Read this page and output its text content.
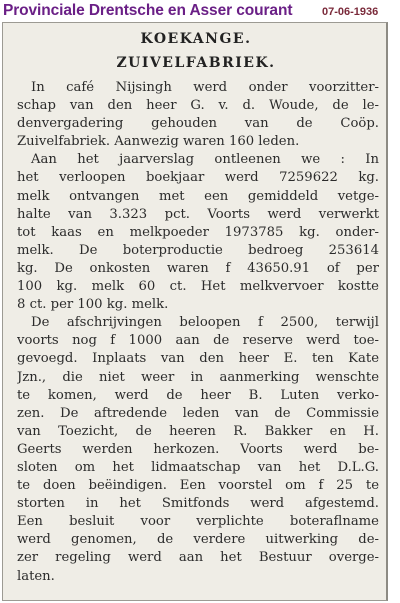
Provinciale Drentsche en Asser courant	07-06-1936
KOEKANGE.
ZUIVELFABRIEK.
In café Nijsingh werd onder voorzitter-
schap van den heer G. v. d. Woude, de le-
denvergadering gehouden van de Coöp.
Zuivelfabriek. Aanwezig waren 160 leden.
Aan het jaarverslag ontleenen we : In
het verloopen boekjaar werd 7259622 kg.
melk ontvangen met een gemiddeld vetge-
halte van 3.323 pct. Voorts werd verwerkt
tot kaas en melkpoeder 1973785 kg. onder-
melk. De boterproductie bedroeg 253614
kg. De onkosten waren f 43650.91 of per
100 kg. melk 60 ct. Het melkvervoer kostte
8 ct. per 100 kg. melk.
De afschrijvingen beloopen f 2500, terwijl
voorts nog f 1000 aan de reserve werd toe-
gevoegd. Inplaats van den heer E. ten Kate
Jzn., die niet weer in aanmerking wenschte
te komen, werd de heer B. Luten verko-
zen. De aftredende leden van de Commissie
van Toezicht, de heeren R. Bakker en H.
Geerts werden herkozen. Voorts werd be-
sloten om het lidmaatschap van het D.L.G.
te doen beëindigen. Een voorstel om f 25 te
storten in het Smitfonds werd afgestemd.
Een besluit voor verplichte boteraflname
werd genomen, de verdere uitwerking de-
zer regeling werd aan het Bestuur overge-
laten.
